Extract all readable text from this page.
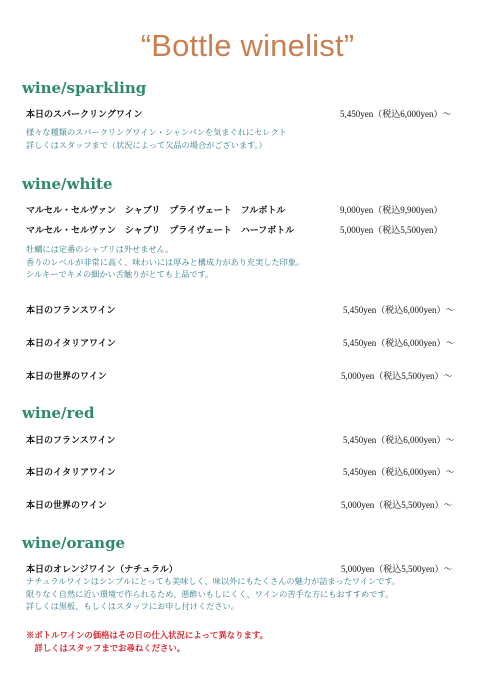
“Bottle winelist”
wine/sparkling
本日のスパークリングワイン	5,450yen（税込6,000yen）～
様々な種類のスパークリングワイン・シャンパンを気まぐれにセレクト
詳しくはスタッフまで（状況によって欠品の場合がございます。）
wine/white
マルセル・セルヴァン　シャブリ　プライヴェート　フルボトル	9,000yen（税込9,900yen）
マルセル・セルヴァン　シャブリ　プライヴェート　ハーフボトル	5,000yen（税込5,500yen）
牡蠣には定番のシャブリは外せません。
香りのレベルが非常に高く、味わいには厚みと構成力があり充実した印象。
シルキーでキメの細かい舌触りがとても上品です。
本日のフランスワイン	5,450yen（税込6,000yen）～
本日のイタリアワイン	5,450yen（税込6,000yen）～
本日の世界のワイン	5,000yen（税込5,500yen）～
wine/red
本日のフランスワイン	5,450yen（税込6,000yen）～
本日のイタリアワイン	5,450yen（税込6,000yen）～
本日の世界のワイン	5,000yen（税込5,500yen）～
wine/orange
本日のオレンジワイン（ナチュラル）	5,000yen（税込5,500yen）～
ナチュラルワインはシンプルにとっても美味しく、味以外にもたくさんの魅力が詰まったワインです。
限りなく自然に近い環境で作られるため、悪酔いもしにくく、ワインの苦手な方にもおすすめです。
詳しくは黒板、もしくはスタッフにお申し付けください。
※ボトルワインの価格はその日の仕入状況によって異なります。
　詳しくはスタッフまでお尋ねください。
